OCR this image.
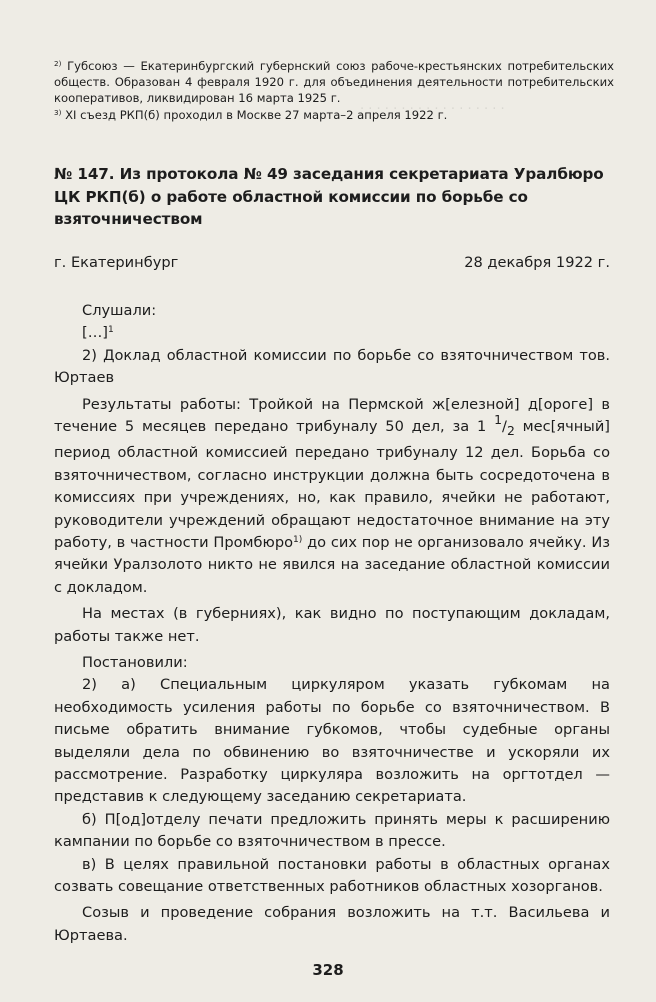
. . . . . . . . . . . . . . . . . .

$^{2)}$ Губсоюз — Екатеринбургский губернский союз рабоче-крестьянских потребительских обществ. Образован 4 февраля 1920 г. для объединения деятельности потребительских кооперативов, ликвидирован 16 марта 1925 г.

$^{3)}$ XI съезд РКП(б) проходил в Москве 27 марта–2 апреля 1922 г.

№ 147. Из протокола № 49 заседания секретариата Уралбюро ЦК РКП(б) о работе областной комиссии по борьбе со взяточничеством
г. Екатеринбург	28 декабря 1922 г.

Слушали:

[…]$^1$

2) Доклад областной комиссии по борьбе со взяточничеством тов. Юртаев

Результаты работы: Тройкой на Пермской ж[елезной] д[ороге] в течение 5 месяцев передано трибуналу 50 дел, за 1 $^1/_2$ мес[ячный] период областной комиссией передано трибуналу 12 дел. Борьба со взяточничеством, согласно инструкции должна быть сосредоточена в комиссиях при учреждениях, но, как правило, ячейки не работают, руководители учреждений обращают недостаточное внимание на эту работу, в частности Промбюро$^{1)}$ до сих пор не организовало ячейку. Из ячейки Уралзолото никто не явился на заседание областной комиссии с докладом.

На местах (в губерниях), как видно по поступающим докладам, работы также нет.

Постановили:

2) а) Специальным циркуляром указать губкомам на необходимость усиления работы по борьбе со взяточничеством. В письме обратить внимание губкомов, чтобы судебные органы выделяли дела по обвинению во взяточничестве и ускоряли их рассмотрение. Разработку циркуляра возложить на оргтотдел — представив к следующему заседанию секретариата.

б) П[од]отделу печати предложить принять меры к расширению кампании по борьбе со взяточничеством в прессе.

в) В целях правильной постановки работы в областных органах созвать совещание ответственных работников областных хозорганов.

Созыв и проведение собрания возложить на т.т. Васильева и Юртаева.

328
